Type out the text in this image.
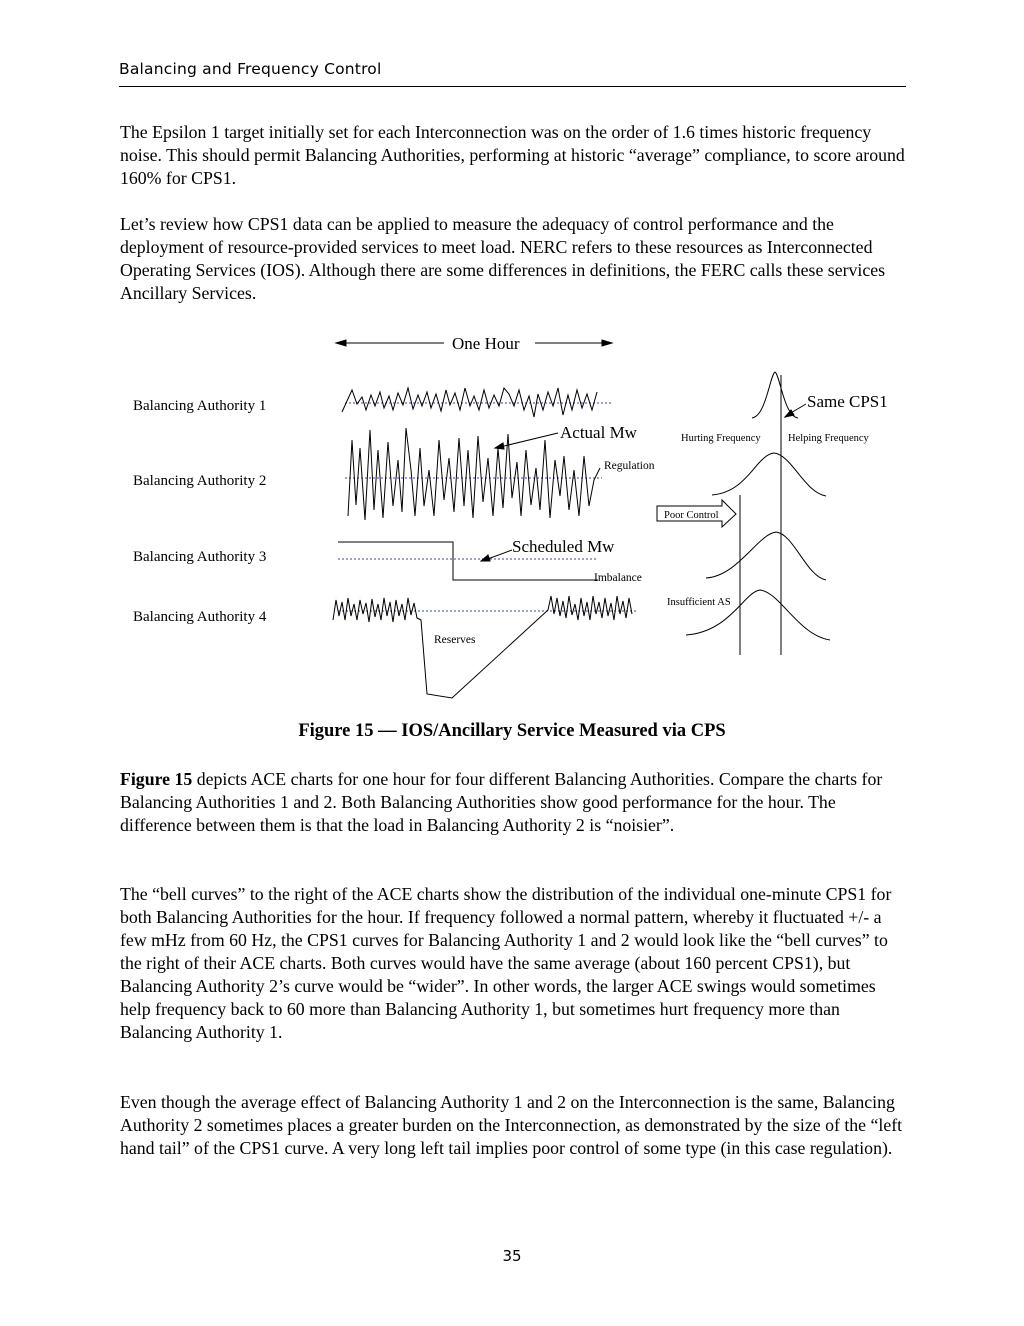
Balancing and Frequency Control

The Epsilon 1 target initially set for each Interconnection was on the order of 1.6 times historic frequency noise. This should permit Balancing Authorities, performing at historic “average” compliance, to score around 160% for CPS1.

Let’s review how CPS1 data can be applied to measure the adequacy of control performance and the deployment of resource-provided services to meet load. NERC refers to these resources as Interconnected Operating Services (IOS). Although there are some differences in definitions, the FERC calls these services Ancillary Services.

One Hour
Balancing Authority 1
Balancing Authority 2
Balancing Authority 3
Balancing Authority 4
Actual Mw
Regulation
Scheduled Mw
Imbalance
Reserves
Same CPS1
Hurting Frequency	Helping Frequency
Poor Control
Insufficient AS
Figure 15 — IOS/Ancillary Service Measured via CPS

Figure 15 depicts ACE charts for one hour for four different Balancing Authorities. Compare the charts for Balancing Authorities 1 and 2. Both Balancing Authorities show good performance for the hour. The difference between them is that the load in Balancing Authority 2 is “noisier”.

The “bell curves” to the right of the ACE charts show the distribution of the individual one-minute CPS1 for both Balancing Authorities for the hour. If frequency followed a normal pattern, whereby it fluctuated +/- a few mHz from 60 Hz, the CPS1 curves for Balancing Authority 1 and 2 would look like the “bell curves” to the right of their ACE charts. Both curves would have the same average (about 160 percent CPS1), but Balancing Authority 2’s curve would be “wider”. In other words, the larger ACE swings would sometimes help frequency back to 60 more than Balancing Authority 1, but sometimes hurt frequency more than Balancing Authority 1.

Even though the average effect of Balancing Authority 1 and 2 on the Interconnection is the same, Balancing Authority 2 sometimes places a greater burden on the Interconnection, as demonstrated by the size of the “left hand tail” of the CPS1 curve. A very long left tail implies poor control of some type (in this case regulation).

35
